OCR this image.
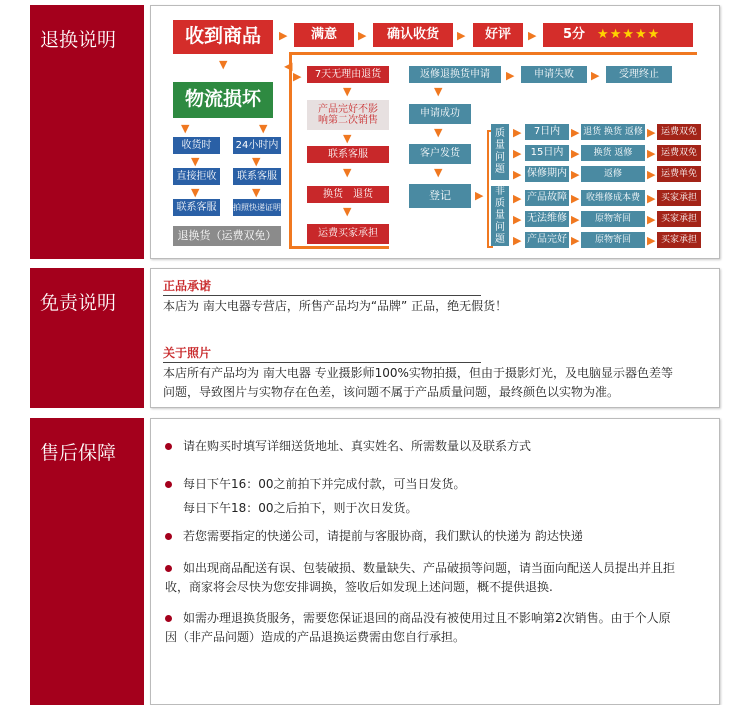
退换说明	收到商品	▶	满意	▶	确认收货	▶	好评	▶ 5分 ★★★★★
▶
▶
▼
物流损坏
▼	▼
收货时	24小时内
▼	▼
直接拒收	联系客服
▼	▼
联系客服	拍照快递证明
退换货（运费双免）
7天无理由退货
▼
产品完好不影
响第二次销售
▼
联系客服
▼
换货　退货
▼
运费买家承担
返修退换货申请	▶	申请失败	▶	受理终止
▼
申请成功
▼
客户发货
▼
登记	▶
质量问题
非质量问题
▶	7日内 ▶ 退货 换货 返修 ▶ 运费双免
▶ 15日内 ▶	换货 返修	▶ 运费双免
▶ 保修期内 ▶	返修	▶ 运费单免
▶ 产品故障 ▶ 收维修成本费 ▶ 买家承担
▶ 无法维修 ▶	原物寄回	▶ 买家承担
▶ 产品完好 ▶	原物寄回	▶ 买家承担
免责说明
正品承诺
本店为 南大电器专营店，所售产品均为“品牌” 正品，绝无假货！
关于照片
本店所有产品均为 南大电器 专业摄影师100%实物拍摄，但由于摄影灯光，及电脑显示器色差等
问题，导致图片与实物存在色差，该问题不属于产品质量问题，最终颜色以实物为准。
售后保障	请在购买时填写详细送货地址、真实姓名、所需数量以及联系方式
每日下午16：00之前拍下并完成付款，可当日发货。
每日下午18：00之后拍下，则于次日发货。
若您需要指定的快递公司，请提前与客服协商，我们默认的快递为 韵达快递
如出现商品配送有误、包装破损、数量缺失、产品破损等问题，请当面向配送人员提出并且拒
收，商家将会尽快为您安排调换，签收后如发现上述问题，概不提供退换.
如需办理退换货服务，需要您保证退回的商品没有被使用过且不影响第2次销售。由于个人原
因（非产品问题）造成的产品退换运费需由您自行承担。
